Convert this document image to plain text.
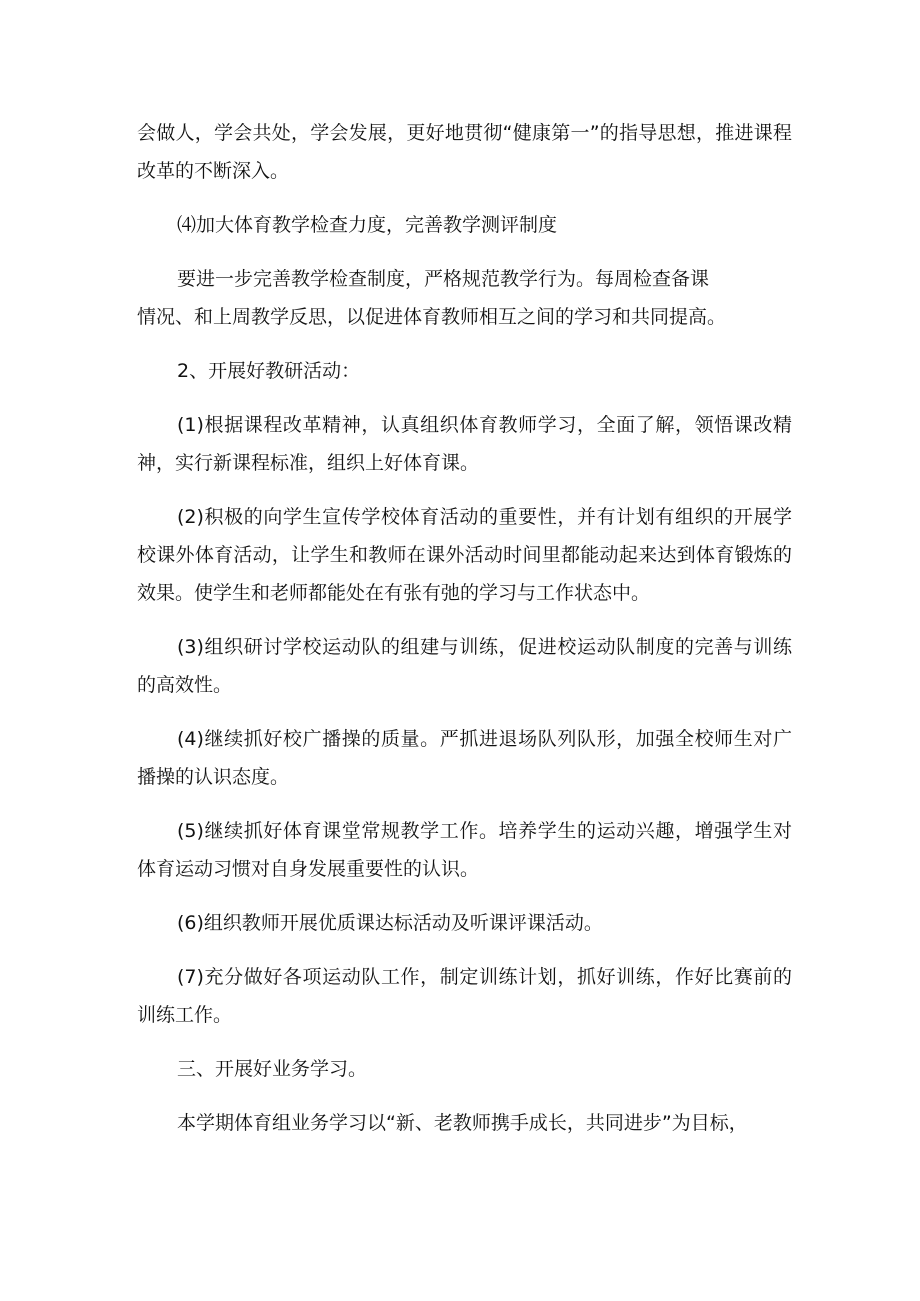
会做人，学会共处，学会发展，更好地贯彻“健康第一”的指导思想，推进课程改革的不断深入。

⑷加大体育教学检查力度，完善教学测评制度

要进一步完善教学检查制度，严格规范教学行为。每周检查备课

情况、和上周教学反思，以促进体育教师相互之间的学习和共同提高。

2、开展好教研活动：

(1)根据课程改革精神，认真组织体育教师学习，全面了解，领悟课改精神，实行新课程标准，组织上好体育课。

(2)积极的向学生宣传学校体育活动的重要性，并有计划有组织的开展学校课外体育活动，让学生和教师在课外活动时间里都能动起来达到体育锻炼的效果。使学生和老师都能处在有张有弛的学习与工作状态中。

(3)组织研讨学校运动队的组建与训练，促进校运动队制度的完善与训练的高效性。

(4)继续抓好校广播操的质量。严抓进退场队列队形，加强全校师生对广播操的认识态度。

(5)继续抓好体育课堂常规教学工作。培养学生的运动兴趣，增强学生对体育运动习惯对自身发展重要性的认识。

(6)组织教师开展优质课达标活动及听课评课活动。

(7)充分做好各项运动队工作，制定训练计划，抓好训练，作好比赛前的训练工作。

三、开展好业务学习。

本学期体育组业务学习以“新、老教师携手成长，共同进步”为目标，
